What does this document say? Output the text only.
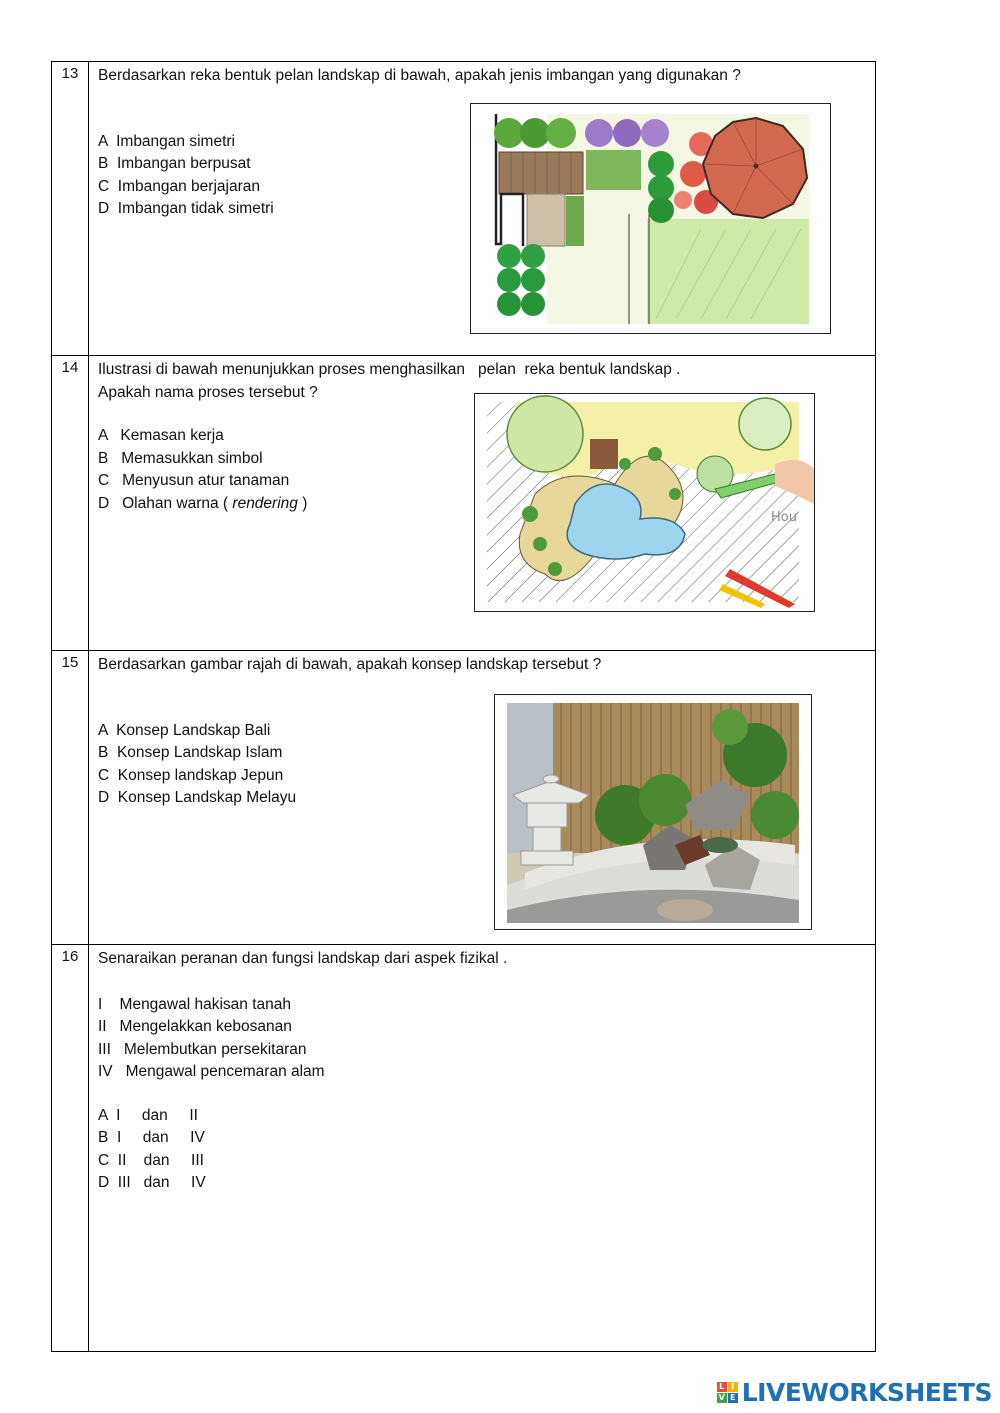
13	Berdasarkan reka bentuk pelan landskap di bawah, apakah jenis imbangan yang digunakan ?
A  Imbangan simetri
B  Imbangan berpusat
C  Imbangan berjajaran
D  Imbangan tidak simetri
14	Ilustrasi di bawah menunjukkan proses menghasilkan   pelan  reka bentuk landskap .
Apakah nama proses tersebut ?
A   Kemasan kerja
B   Memasukkan simbol
C   Menyusun atur tanaman
D   Olahan warna ( rendering )
Hou
15	Berdasarkan gambar rajah di bawah, apakah konsep landskap tersebut ?
A  Konsep Landskap Bali
B  Konsep Landskap Islam
C  Konsep landskap Jepun
D  Konsep Landskap Melayu
16	Senaraikan peranan dan fungsi landskap dari aspek fizikal .
I    Mengawal hakisan tanah
II   Mengelakkan kebosanan
III   Melembutkan persekitaran
IV   Mengawal pencemaran alam
A  I     dan     II
B  I     dan     IV
C  II    dan     III
D  III   dan     IV
L I
V E LIVEWORKSHEETS
